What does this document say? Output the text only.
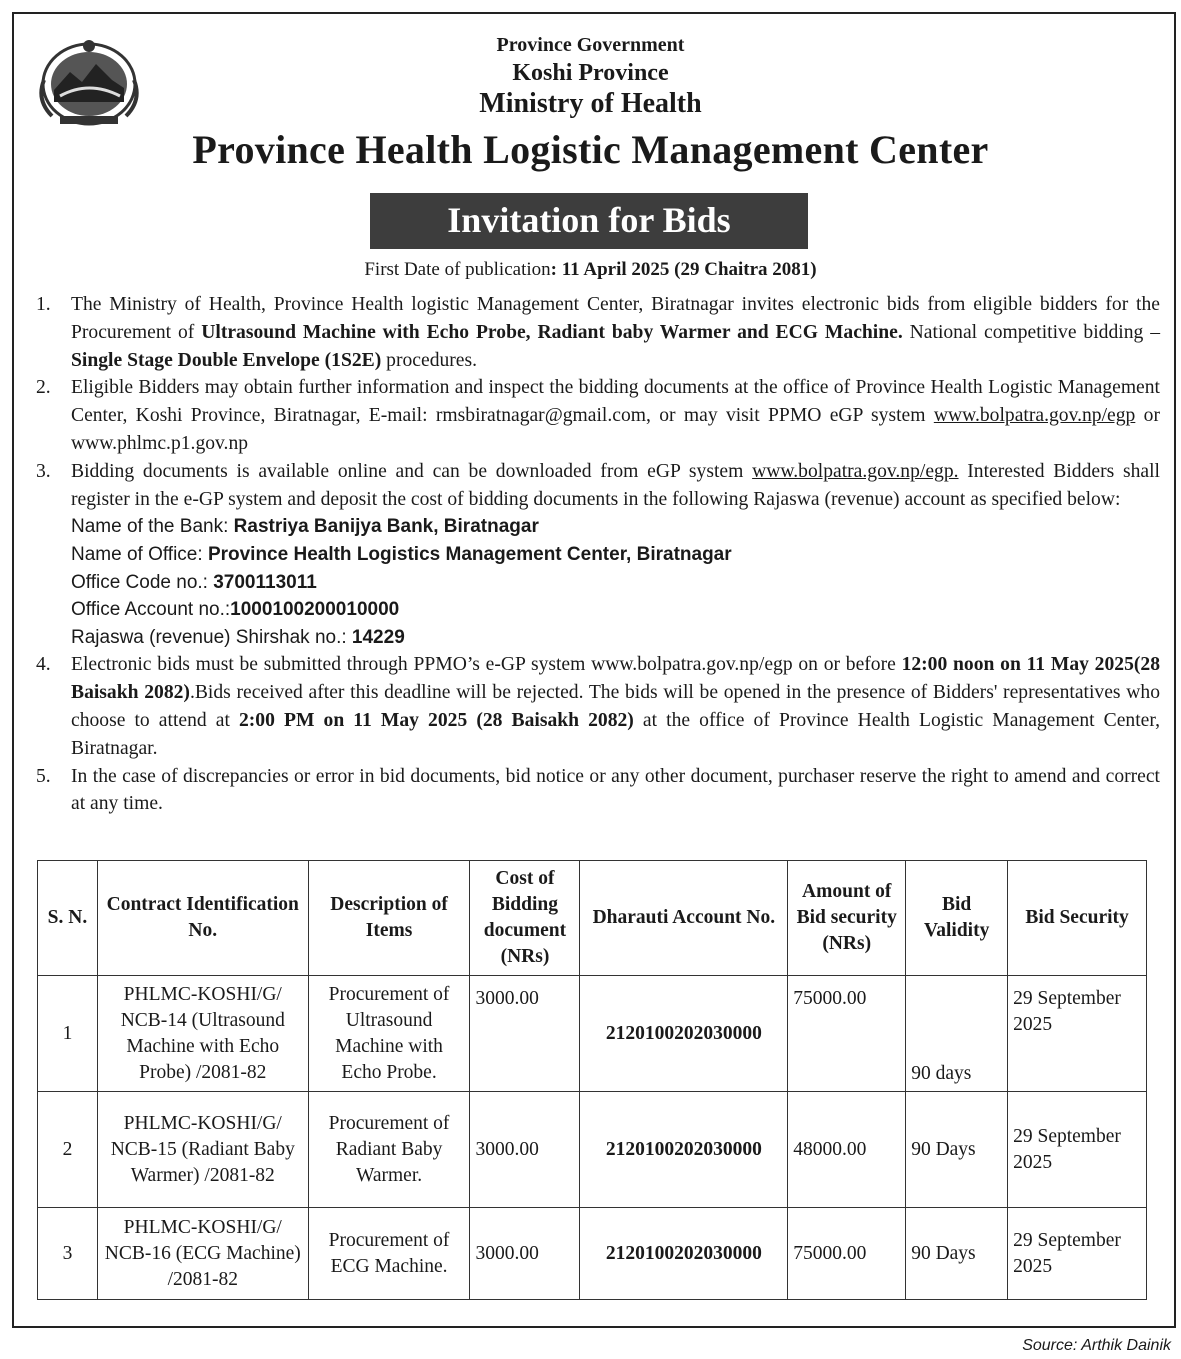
Province Government
Koshi Province
Ministry of Health
Province Health Logistic Management Center
Invitation for Bids
First Date of publication: 11 April 2025 (29 Chaitra 2081)
1. The Ministry of Health, Province Health logistic Management Center, Biratnagar invites electronic bids from eligible bidders for the Procurement of Ultrasound Machine with Echo Probe, Radiant baby Warmer and ECG Machine. National competitive bidding – Single Stage Double Envelope (1S2E) procedures.
2. Eligible Bidders may obtain further information and inspect the bidding documents at the office of Province Health Logistic Management Center, Koshi Province, Biratnagar, E-mail: rmsbiratnagar@gmail.com, or may visit PPMO eGP system www.bolpatra.gov.np/egp or www.phlmc.p1.gov.np
3. Bidding documents is available online and can be downloaded from eGP system www.bolpatra.gov.np/egp. Interested Bidders shall register in the e-GP system and deposit the cost of bidding documents in the following Rajaswa (revenue) account as specified below:
Name of the Bank: Rastriya Banijya Bank, Biratnagar
Name of Office: Province Health Logistics Management Center, Biratnagar
Office Code no.: 3700113011
Office Account no.:1000100200010000
Rajaswa (revenue) Shirshak no.: 14229
4. Electronic bids must be submitted through PPMO’s e-GP system www.bolpatra.gov.np/egp on or before 12:00 noon on 11 May 2025(28 Baisakh 2082).Bids received after this deadline will be rejected. The bids will be opened in the presence of Bidders' representatives who choose to attend at 2:00 PM on 11 May 2025 (28 Baisakh 2082) at the office of Province Health Logistic Management Center, Biratnagar.
5. In the case of discrepancies or error in bid documents, bid notice or any other document, purchaser reserve the right to amend and correct at any time.
S. N.	Contract Identification No.	Description of Items	Cost of Bidding document (NRs)	Dharauti Account No.	Amount of Bid security (NRs)	Bid Validity	Bid Security
1	PHLMC-KOSHI/G/ NCB-14 (Ultrasound Machine with Echo Probe) /2081-82	Procurement of Ultrasound Machine with Echo Probe.	3000.00	2120100202030000	75000.00	90 days	29 September 2025
2	PHLMC-KOSHI/G/ NCB-15 (Radiant Baby Warmer) /2081-82	Procurement of Radiant Baby Warmer.	3000.00	2120100202030000	48000.00	90 Days	29 September 2025
3	PHLMC-KOSHI/G/ NCB-16 (ECG Machine) /2081-82	Procurement of ECG Machine.	3000.00	2120100202030000	75000.00	90 Days	29 September 2025
Source: Arthik Dainik
